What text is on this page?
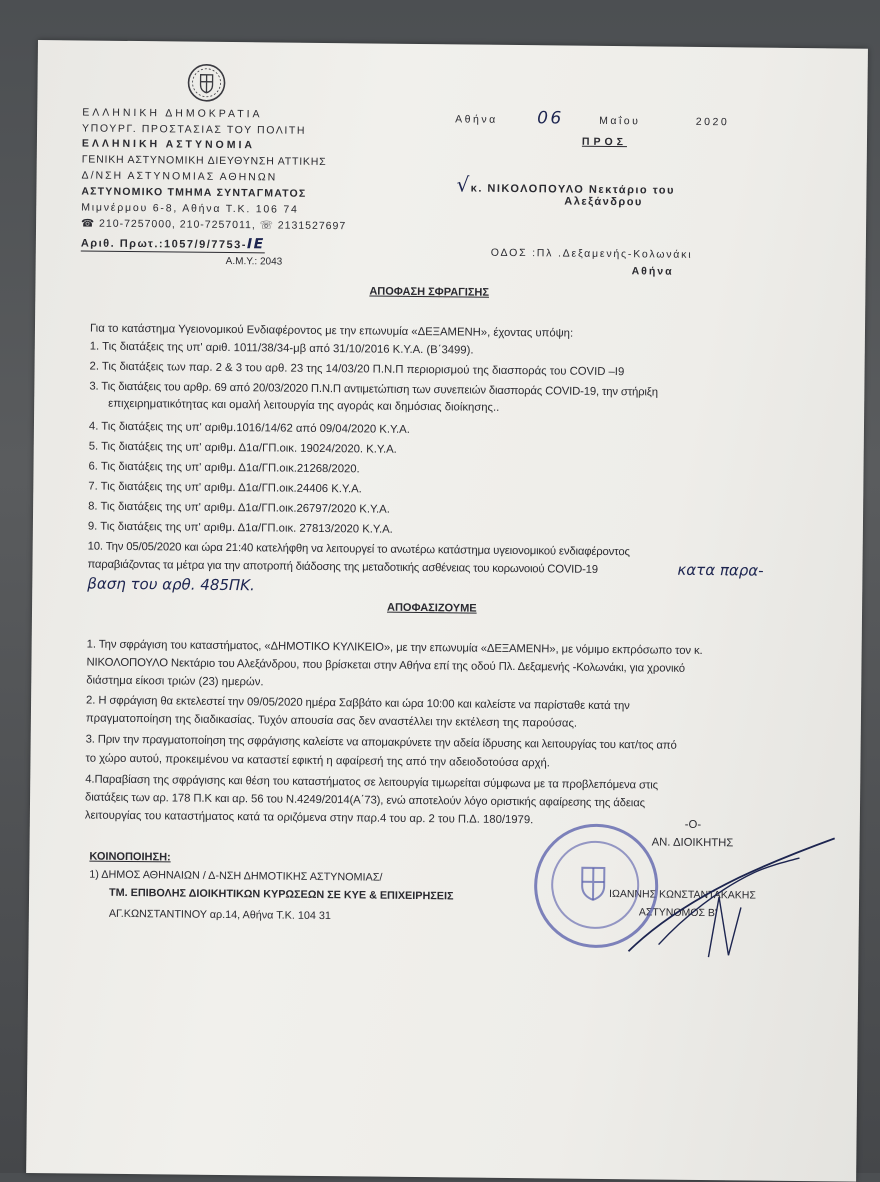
ΕΛΛΗΝΙΚΗ ΔΗΜΟΚΡΑΤΙΑ
ΥΠΟΥΡΓ. ΠΡΟΣΤΑΣΙΑΣ ΤΟΥ ΠΟΛΙΤΗ
ΕΛΛΗΝΙΚΗ ΑΣΤΥΝΟΜΙΑ
ΓΕΝΙΚΗ ΑΣΤΥΝΟΜΙΚΗ ΔΙΕΥΘΥΝΣΗ ΑΤΤΙΚΗΣ
Δ/ΝΣΗ ΑΣΤΥΝΟΜΙΑΣ ΑΘΗΝΩΝ
ΑΣΤΥΝΟΜΙΚΟ ΤΜΗΜΑ ΣΥΝΤΑΓΜΑΤΟΣ
Μιμνέρμου 6-8, Αθήνα Τ.Κ. 106 74
☎ 210-7257000, 210-7257011, ☏ 2131527697
Αριθ. Πρωτ.:1057/9/7753-ΙΕ
Α.Μ.Υ.: 2043
Αθήνα 06	Μαΐου	2020
ΠΡΟΣ
√κ. ΝΙΚΟΛΟΠΟΥΛΟ Νεκτάριο του
Αλεξάνδρου
ΟΔΟΣ :Πλ .Δεξαμενής-Κολωνάκι
Αθήνα
ΑΠΟΦΑΣΗ ΣΦΡΑΓΙΣΗΣ
Για το κατάστημα Υγειονομικού Ενδιαφέροντος με την επωνυμία «ΔΕΞΑΜΕΝΗ», έχοντας υπόψη:
1. Τις διατάξεις της υπ' αριθ. 1011/38/34-μβ από 31/10/2016 Κ.Υ.Α. (Β΄3499).
2. Τις διατάξεις των παρ. 2 & 3 του αρθ. 23 της 14/03/20 Π.Ν.Π περιορισμού της διασποράς του COVID –I9
3. Τις διατάξεις του αρθρ. 69 από 20/03/2020 Π.Ν.Π αντιμετώπιση των συνεπειών διασποράς COVID-19, την στήριξη
επιχειρηματικότητας και ομαλή λειτουργία της αγοράς και δημόσιας διοίκησης..
4. Τις διατάξεις της υπ' αριθμ.1016/14/62 από 09/04/2020 Κ.Υ.Α.
5. Τις διατάξεις της υπ' αριθμ. Δ1α/ΓΠ.οικ. 19024/2020. Κ.Υ.Α.
6. Τις διατάξεις της υπ' αριθμ. Δ1α/ΓΠ.οικ.21268/2020.
7. Τις διατάξεις της υπ' αριθμ. Δ1α/ΓΠ.οικ.24406 Κ.Υ.Α.
8. Τις διατάξεις της υπ' αριθμ. Δ1α/ΓΠ.οικ.26797/2020 Κ.Υ.Α.
9. Τις διατάξεις της υπ' αριθμ. Δ1α/ΓΠ.οικ. 27813/2020 Κ.Υ.Α.
10. Την 05/05/2020 και ώρα 21:40 κατελήφθη να λειτουργεί το ανωτέρω κατάστημα υγειονομικού ενδιαφέροντος
παραβιάζοντας τα μέτρα για την αποτροπή διάδοσης της μεταδοτικής ασθένειας του κορωνοιού COVID-19	κατα παρα-
βαση του αρθ. 485ΠΚ.
ΑΠΟΦΑΣΙΖΟΥΜΕ
1. Την σφράγιση του καταστήματος, «ΔΗΜΟΤΙΚΟ ΚΥΛΙΚΕΙΟ», με την επωνυμία «ΔΕΞΑΜΕΝΗ», με νόμιμο εκπρόσωπο τον κ.
ΝΙΚΟΛΟΠΟΥΛΟ Νεκτάριο του Αλεξάνδρου, που βρίσκεται στην Αθήνα επί της οδού Πλ. Δεξαμενής -Κολωνάκι, για χρονικό
διάστημα είκοσι τριών (23) ημερών.
2. Η σφράγιση θα εκτελεστεί την 09/05/2020 ημέρα Σαββάτο και ώρα 10:00 και καλείστε να παρίσταθε κατά την
πραγματοποίηση της διαδικασίας. Τυχόν απουσία σας δεν αναστέλλει την εκτέλεση της παρούσας.
3. Πριν την πραγματοποίηση της σφράγισης καλείστε να απομακρύνετε την αδεία ίδρυσης και λειτουργίας του κατ/τος από
το χώρο αυτού, προκειμένου να καταστεί εφικτή η αφαίρεσή της από την αδειοδοτούσα αρχή.
4.Παραβίαση της σφράγισης και θέση του καταστήματος σε λειτουργία τιμωρείται σύμφωνα με τα προβλεπόμενα στις
διατάξεις των αρ. 178 Π.Κ και αρ. 56 του Ν.4249/2014(Α΄73), ενώ αποτελούν λόγο οριστικής αφαίρεσης της άδειας
λειτουργίας του καταστήματος κατά τα οριζόμενα στην παρ.4 του αρ. 2 του Π.Δ. 180/1979.	-Ο-
ΑΝ. ΔΙΟΙΚΗΤΗΣ
ΙΩΑΝΝΗΣ ΚΩΝΣΤΑΝΤΑΚΑΚΗΣ
ΑΣΤΥΝΟΜΟΣ Β'
ΚΟΙΝΟΠΟΙΗΣΗ:
1) ΔΗΜΟΣ ΑΘΗΝΑΙΩΝ / Δ-ΝΣΗ ΔΗΜΟΤΙΚΗΣ ΑΣΤΥΝΟΜΙΑΣ/
ΤΜ. ΕΠΙΒΟΛΗΣ ΔΙΟΙΚΗΤΙΚΩΝ ΚΥΡΩΣΕΩΝ ΣΕ ΚΥΕ & ΕΠΙΧΕΙΡΗΣΕΙΣ
ΑΓ.ΚΩΝΣΤΑΝΤΙΝΟΥ αρ.14, Αθήνα Τ.Κ. 104 31
